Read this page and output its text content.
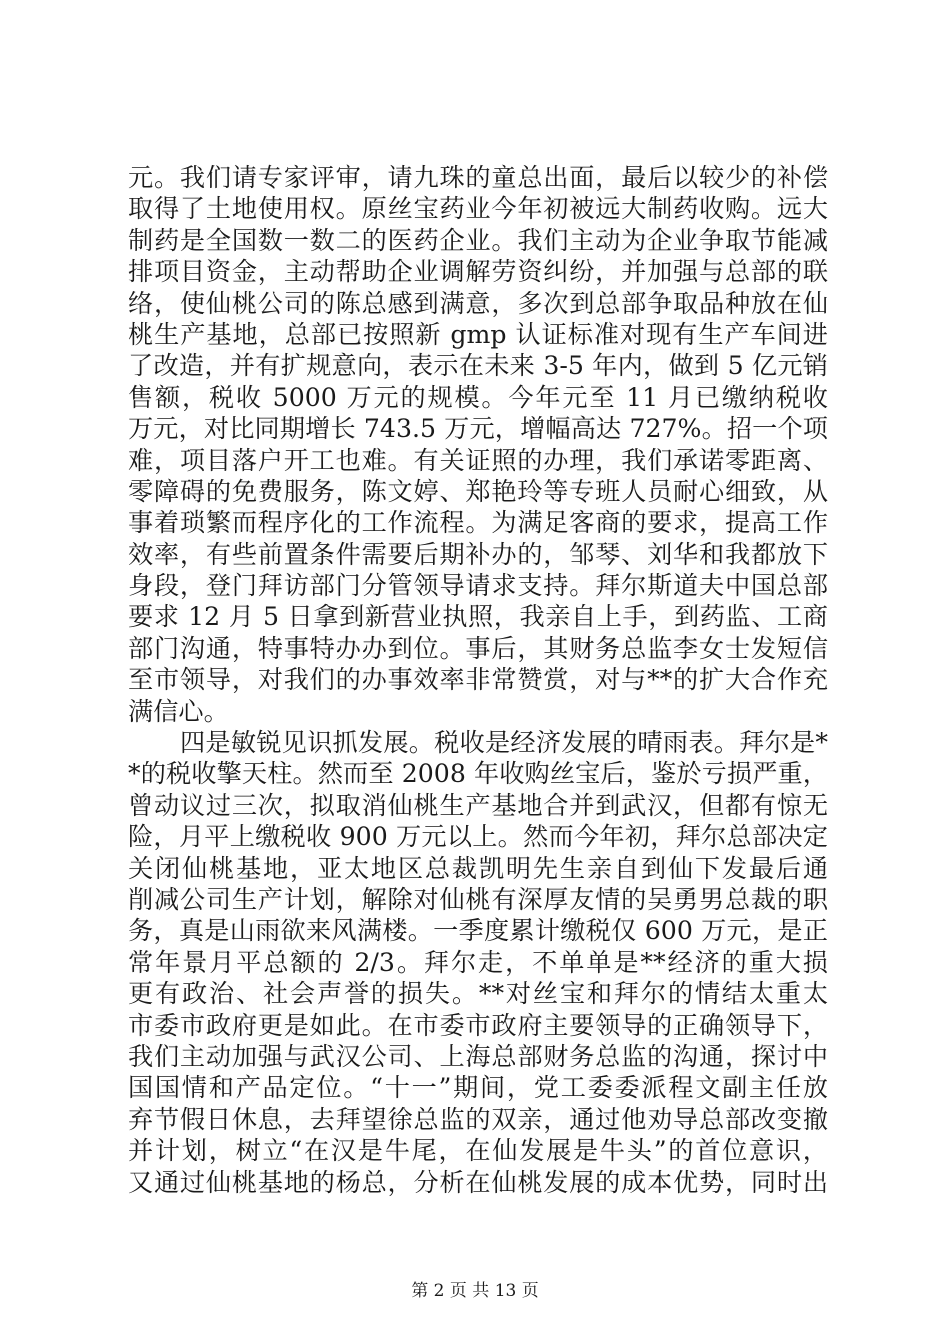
元。我们请专家评审，请九珠的童总出面，最后以较少的补偿
取得了土地使用权。原丝宝药业今年初被远大制药收购。远大
制药是全国数一数二的医药企业。我们主动为企业争取节能减
排项目资金，主动帮助企业调解劳资纠纷，并加强与总部的联
络，使仙桃公司的陈总感到满意，多次到总部争取品种放在仙
桃生产基地，总部已按照新 gmp 认证标准对现有生产车间进
了改造，并有扩规意向，表示在未来 3-5 年内，做到 5 亿元销
售额，税收 5000 万元的规模。今年元至 11 月已缴纳税收
万元，对比同期增长 743.5 万元，增幅高达 727%。招一个项
难，项目落户开工也难。有关证照的办理，我们承诺零距离、
零障碍的免费服务，陈文婷、郑艳玲等专班人员耐心细致，从
事着琐繁而程序化的工作流程。为满足客商的要求，提高工作
效率，有些前置条件需要后期补办的，邹琴、刘华和我都放下
身段，登门拜访部门分管领导请求支持。拜尔斯道夫中国总部
要求 12 月 5 日拿到新营业执照，我亲自上手，到药监、工商
部门沟通，特事特办办到位。事后，其财务总监李女士发短信
至市领导，对我们的办事效率非常赞赏，对与**的扩大合作充
满信心。
四是敏锐见识抓发展。税收是经济发展的晴雨表。拜尔是*
*的税收擎天柱。然而至 2008 年收购丝宝后，鉴於亏损严重，
曾动议过三次，拟取消仙桃生产基地合并到武汉，但都有惊无
险，月平上缴税收 900 万元以上。然而今年初，拜尔总部决定
关闭仙桃基地，亚太地区总裁凯明先生亲自到仙下发最后通
削减公司生产计划，解除对仙桃有深厚友情的吴勇男总裁的职
务，真是山雨欲来风满楼。一季度累计缴税仅 600 万元，是正
常年景月平总额的 2/3。拜尔走，不单单是**经济的重大损
更有政治、社会声誉的损失。**对丝宝和拜尔的情结太重太
市委市政府更是如此。在市委市政府主要领导的正确领导下，
我们主动加强与武汉公司、上海总部财务总监的沟通，探讨中
国国情和产品定位。“十一”期间，党工委委派程文副主任放
弃节假日休息，去拜望徐总监的双亲，通过他劝导总部改变撤
并计划，树立“在汉是牛尾，在仙发展是牛头”的首位意识，
又通过仙桃基地的杨总，分析在仙桃发展的成本优势，同时出
第 2 页 共 13 页
